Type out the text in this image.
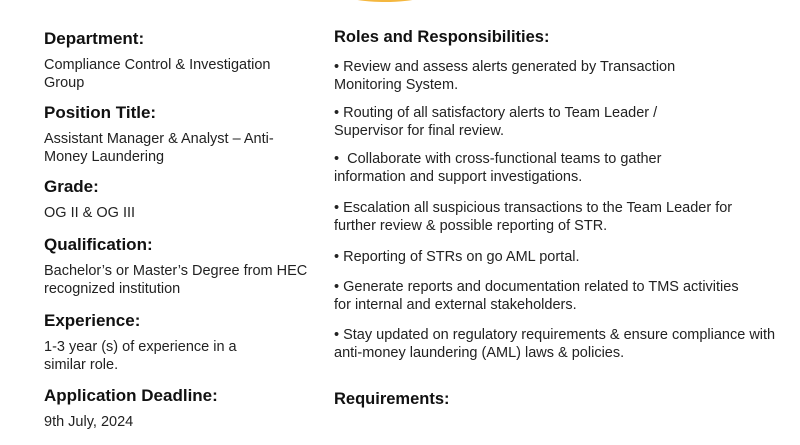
Department:
Compliance Control & Investigation Group
Position Title:
Assistant Manager & Analyst – Anti-Money Laundering
Grade:
OG II & OG III
Qualification:
Bachelor’s or Master’s Degree from HEC recognized institution
Experience:
1-3 year (s) of experience in a similar role.
Application Deadline:
9th July, 2024
Roles and Responsibilities:
• Review and assess alerts generated by Transaction Monitoring System.
• Routing of all satisfactory alerts to Team Leader / Supervisor for final review.
•  Collaborate with cross-functional teams to gather information and support investigations.
• Escalation all suspicious transactions to the Team Leader for further review & possible reporting of STR.
• Reporting of STRs on go AML portal.
• Generate reports and documentation related to TMS activities for internal and external stakeholders.
• Stay updated on regulatory requirements & ensure compliance with anti-money laundering (AML) laws & policies.
Requirements:
